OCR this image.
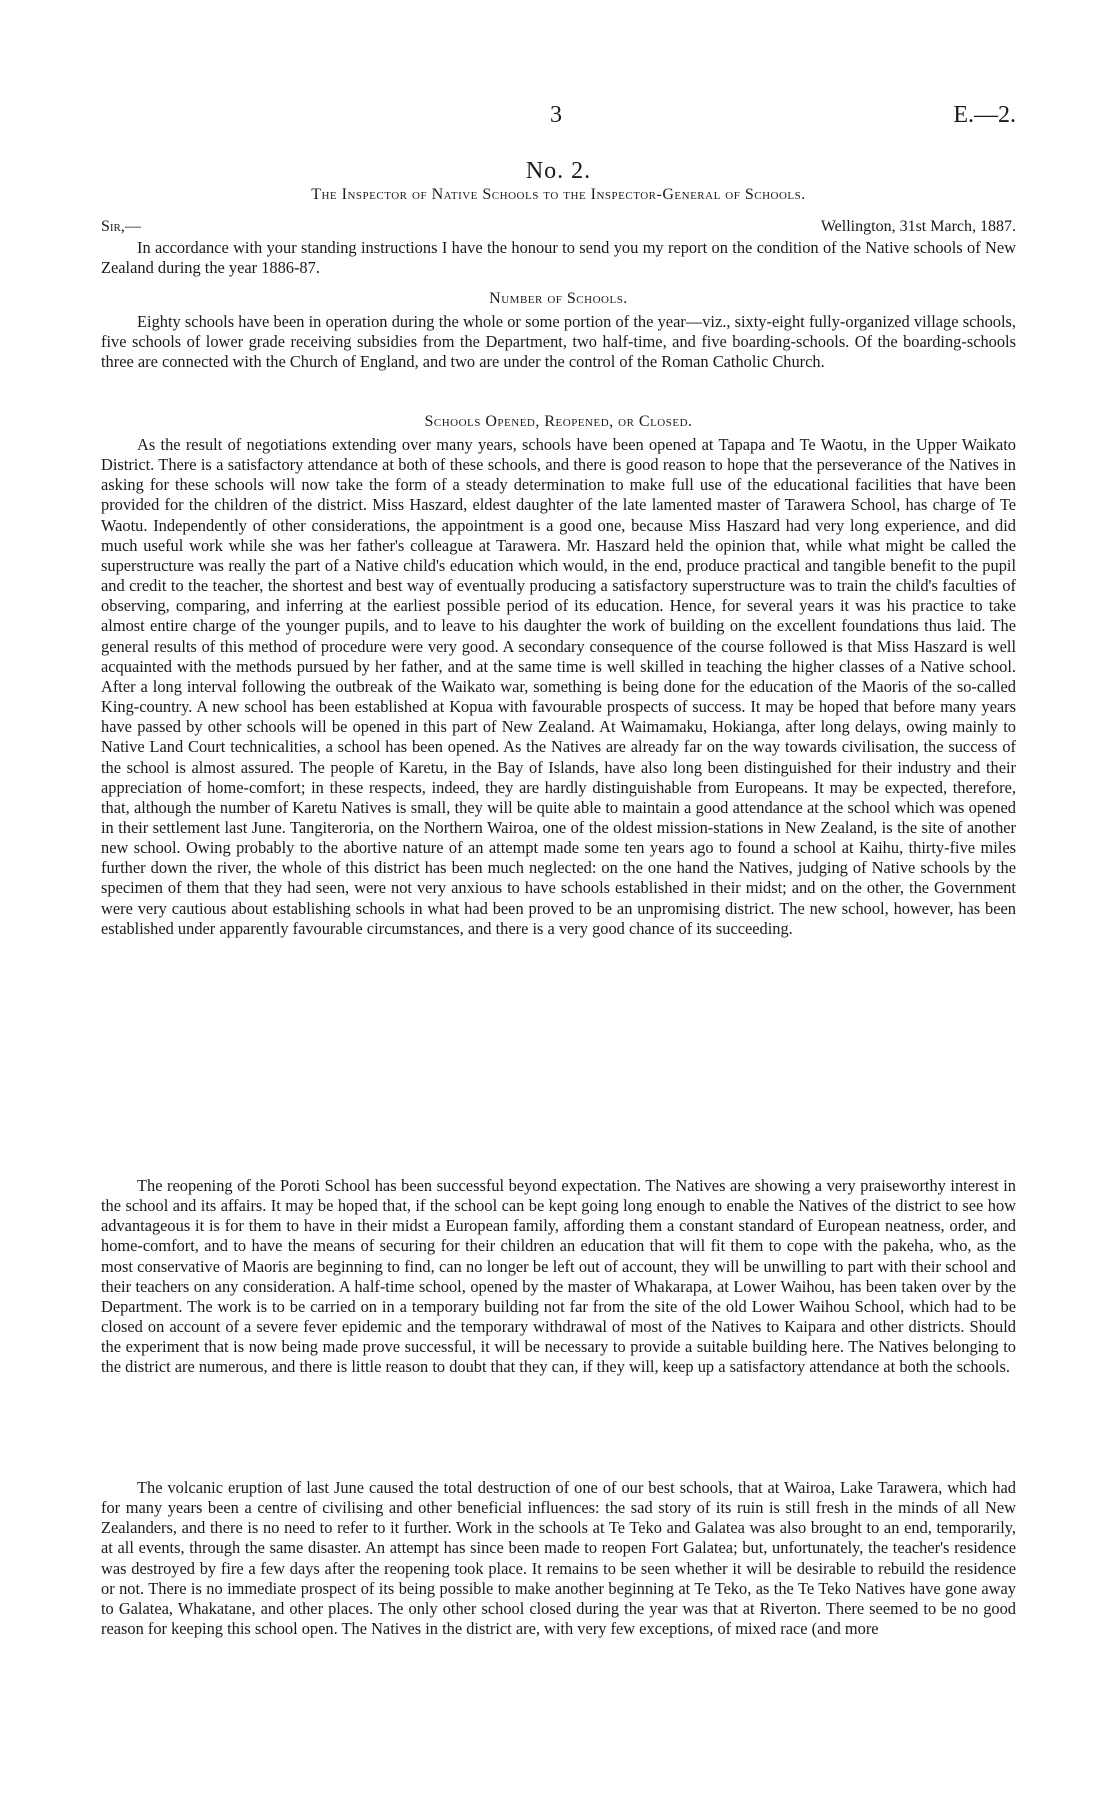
3	E.—2.
No. 2.
The Inspector of Native Schools to the Inspector-General of Schools.
Sir,—	Wellington, 31st March, 1887.

In accordance with your standing instructions I have the honour to send you my report on the condition of the Native schools of New Zealand during the year 1886-87.

Number of Schools.

Eighty schools have been in operation during the whole or some portion of the year—viz., sixty-eight fully-organized village schools, five schools of lower grade receiving subsidies from the Department, two half-time, and five boarding-schools. Of the boarding-schools three are connected with the Church of England, and two are under the control of the Roman Catholic Church.

Schools Opened, Reopened, or Closed.

As the result of negotiations extending over many years, schools have been opened at Tapapa and Te Waotu, in the Upper Waikato District. There is a satisfactory attendance at both of these schools, and there is good reason to hope that the perseverance of the Natives in asking for these schools will now take the form of a steady determination to make full use of the educational facilities that have been provided for the children of the district. Miss Haszard, eldest daughter of the late lamented master of Tarawera School, has charge of Te Waotu. Independently of other considerations, the appointment is a good one, because Miss Haszard had very long experience, and did much useful work while she was her father's colleague at Tarawera. Mr. Haszard held the opinion that, while what might be called the superstructure was really the part of a Native child's education which would, in the end, produce practical and tangible benefit to the pupil and credit to the teacher, the shortest and best way of eventually producing a satisfactory superstructure was to train the child's faculties of observing, comparing, and inferring at the earliest possible period of its education. Hence, for several years it was his practice to take almost entire charge of the younger pupils, and to leave to his daughter the work of building on the excellent foundations thus laid. The general results of this method of procedure were very good. A secondary consequence of the course followed is that Miss Haszard is well acquainted with the methods pursued by her father, and at the same time is well skilled in teaching the higher classes of a Native school. After a long interval following the outbreak of the Waikato war, something is being done for the education of the Maoris of the so-called King-country. A new school has been established at Kopua with favourable prospects of success. It may be hoped that before many years have passed by other schools will be opened in this part of New Zealand. At Waimamaku, Hokianga, after long delays, owing mainly to Native Land Court technicalities, a school has been opened. As the Natives are already far on the way towards civilisation, the success of the school is almost assured. The people of Karetu, in the Bay of Islands, have also long been distinguished for their industry and their appreciation of home-comfort; in these respects, indeed, they are hardly distinguishable from Europeans. It may be expected, therefore, that, although the number of Karetu Natives is small, they will be quite able to maintain a good attendance at the school which was opened in their settlement last June. Tangiteroria, on the Northern Wairoa, one of the oldest mission-stations in New Zealand, is the site of another new school. Owing probably to the abortive nature of an attempt made some ten years ago to found a school at Kaihu, thirty-five miles further down the river, the whole of this district has been much neglected: on the one hand the Natives, judging of Native schools by the specimen of them that they had seen, were not very anxious to have schools established in their midst; and on the other, the Government were very cautious about establishing schools in what had been proved to be an unpromising district. The new school, however, has been established under apparently favourable circumstances, and there is a very good chance of its succeeding.

The reopening of the Poroti School has been successful beyond expectation. The Natives are showing a very praiseworthy interest in the school and its affairs. It may be hoped that, if the school can be kept going long enough to enable the Natives of the district to see how advantageous it is for them to have in their midst a European family, affording them a constant standard of European neatness, order, and home-comfort, and to have the means of securing for their children an education that will fit them to cope with the pakeha, who, as the most conservative of Maoris are beginning to find, can no longer be left out of account, they will be unwilling to part with their school and their teachers on any consideration. A half-time school, opened by the master of Whakarapa, at Lower Waihou, has been taken over by the Department. The work is to be carried on in a temporary building not far from the site of the old Lower Waihou School, which had to be closed on account of a severe fever epidemic and the temporary withdrawal of most of the Natives to Kaipara and other districts. Should the experiment that is now being made prove successful, it will be necessary to provide a suitable building here. The Natives belonging to the district are numerous, and there is little reason to doubt that they can, if they will, keep up a satisfactory attendance at both the schools.

The volcanic eruption of last June caused the total destruction of one of our best schools, that at Wairoa, Lake Tarawera, which had for many years been a centre of civilising and other beneficial influences: the sad story of its ruin is still fresh in the minds of all New Zealanders, and there is no need to refer to it further. Work in the schools at Te Teko and Galatea was also brought to an end, temporarily, at all events, through the same disaster. An attempt has since been made to reopen Fort Galatea; but, unfortunately, the teacher's residence was destroyed by fire a few days after the reopening took place. It remains to be seen whether it will be desirable to rebuild the residence or not. There is no immediate prospect of its being possible to make another beginning at Te Teko, as the Te Teko Natives have gone away to Galatea, Whakatane, and other places. The only other school closed during the year was that at Riverton. There seemed to be no good reason for keeping this school open. The Natives in the district are, with very few exceptions, of mixed race (and more
